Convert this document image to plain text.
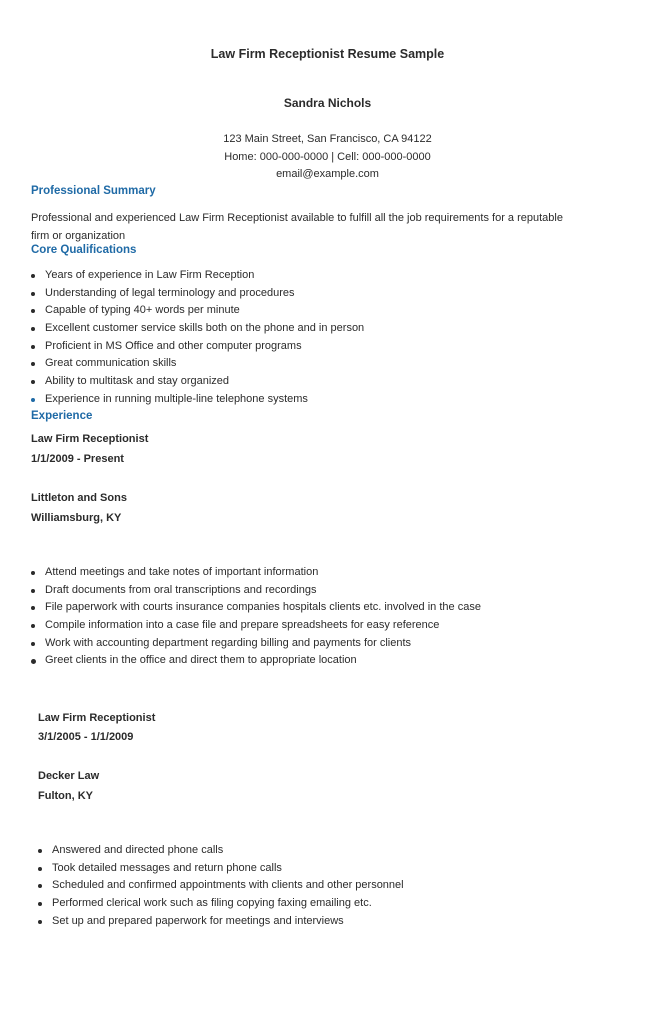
Law Firm Receptionist Resume Sample
Sandra Nichols
123 Main Street, San Francisco, CA 94122
Home: 000-000-0000 | Cell: 000-000-0000
email@example.com
Professional Summary
Professional and experienced Law Firm Receptionist available to fulfill all the job requirements for a reputable
firm or organization
Core Qualifications
Years of experience in Law Firm Reception
Understanding of legal terminology and procedures
Capable of typing 40+ words per minute
Excellent customer service skills both on the phone and in person
Proficient in MS Office and other computer programs
Great communication skills
Ability to multitask and stay organized
Experience in running multiple-line telephone systems
Experience
Law Firm Receptionist
1/1/2009 - Present
Littleton and Sons
Williamsburg, KY
Attend meetings and take notes of important information
Draft documents from oral transcriptions and recordings
File paperwork with courts insurance companies hospitals clients etc. involved in the case
Compile information into a case file and prepare spreadsheets for easy reference
Work with accounting department regarding billing and payments for clients
Greet clients in the office and direct them to appropriate location
Law Firm Receptionist
3/1/2005 - 1/1/2009
Decker Law
Fulton, KY
Answered and directed phone calls
Took detailed messages and return phone calls
Scheduled and confirmed appointments with clients and other personnel
Performed clerical work such as filing copying faxing emailing etc.
Set up and prepared paperwork for meetings and interviews
